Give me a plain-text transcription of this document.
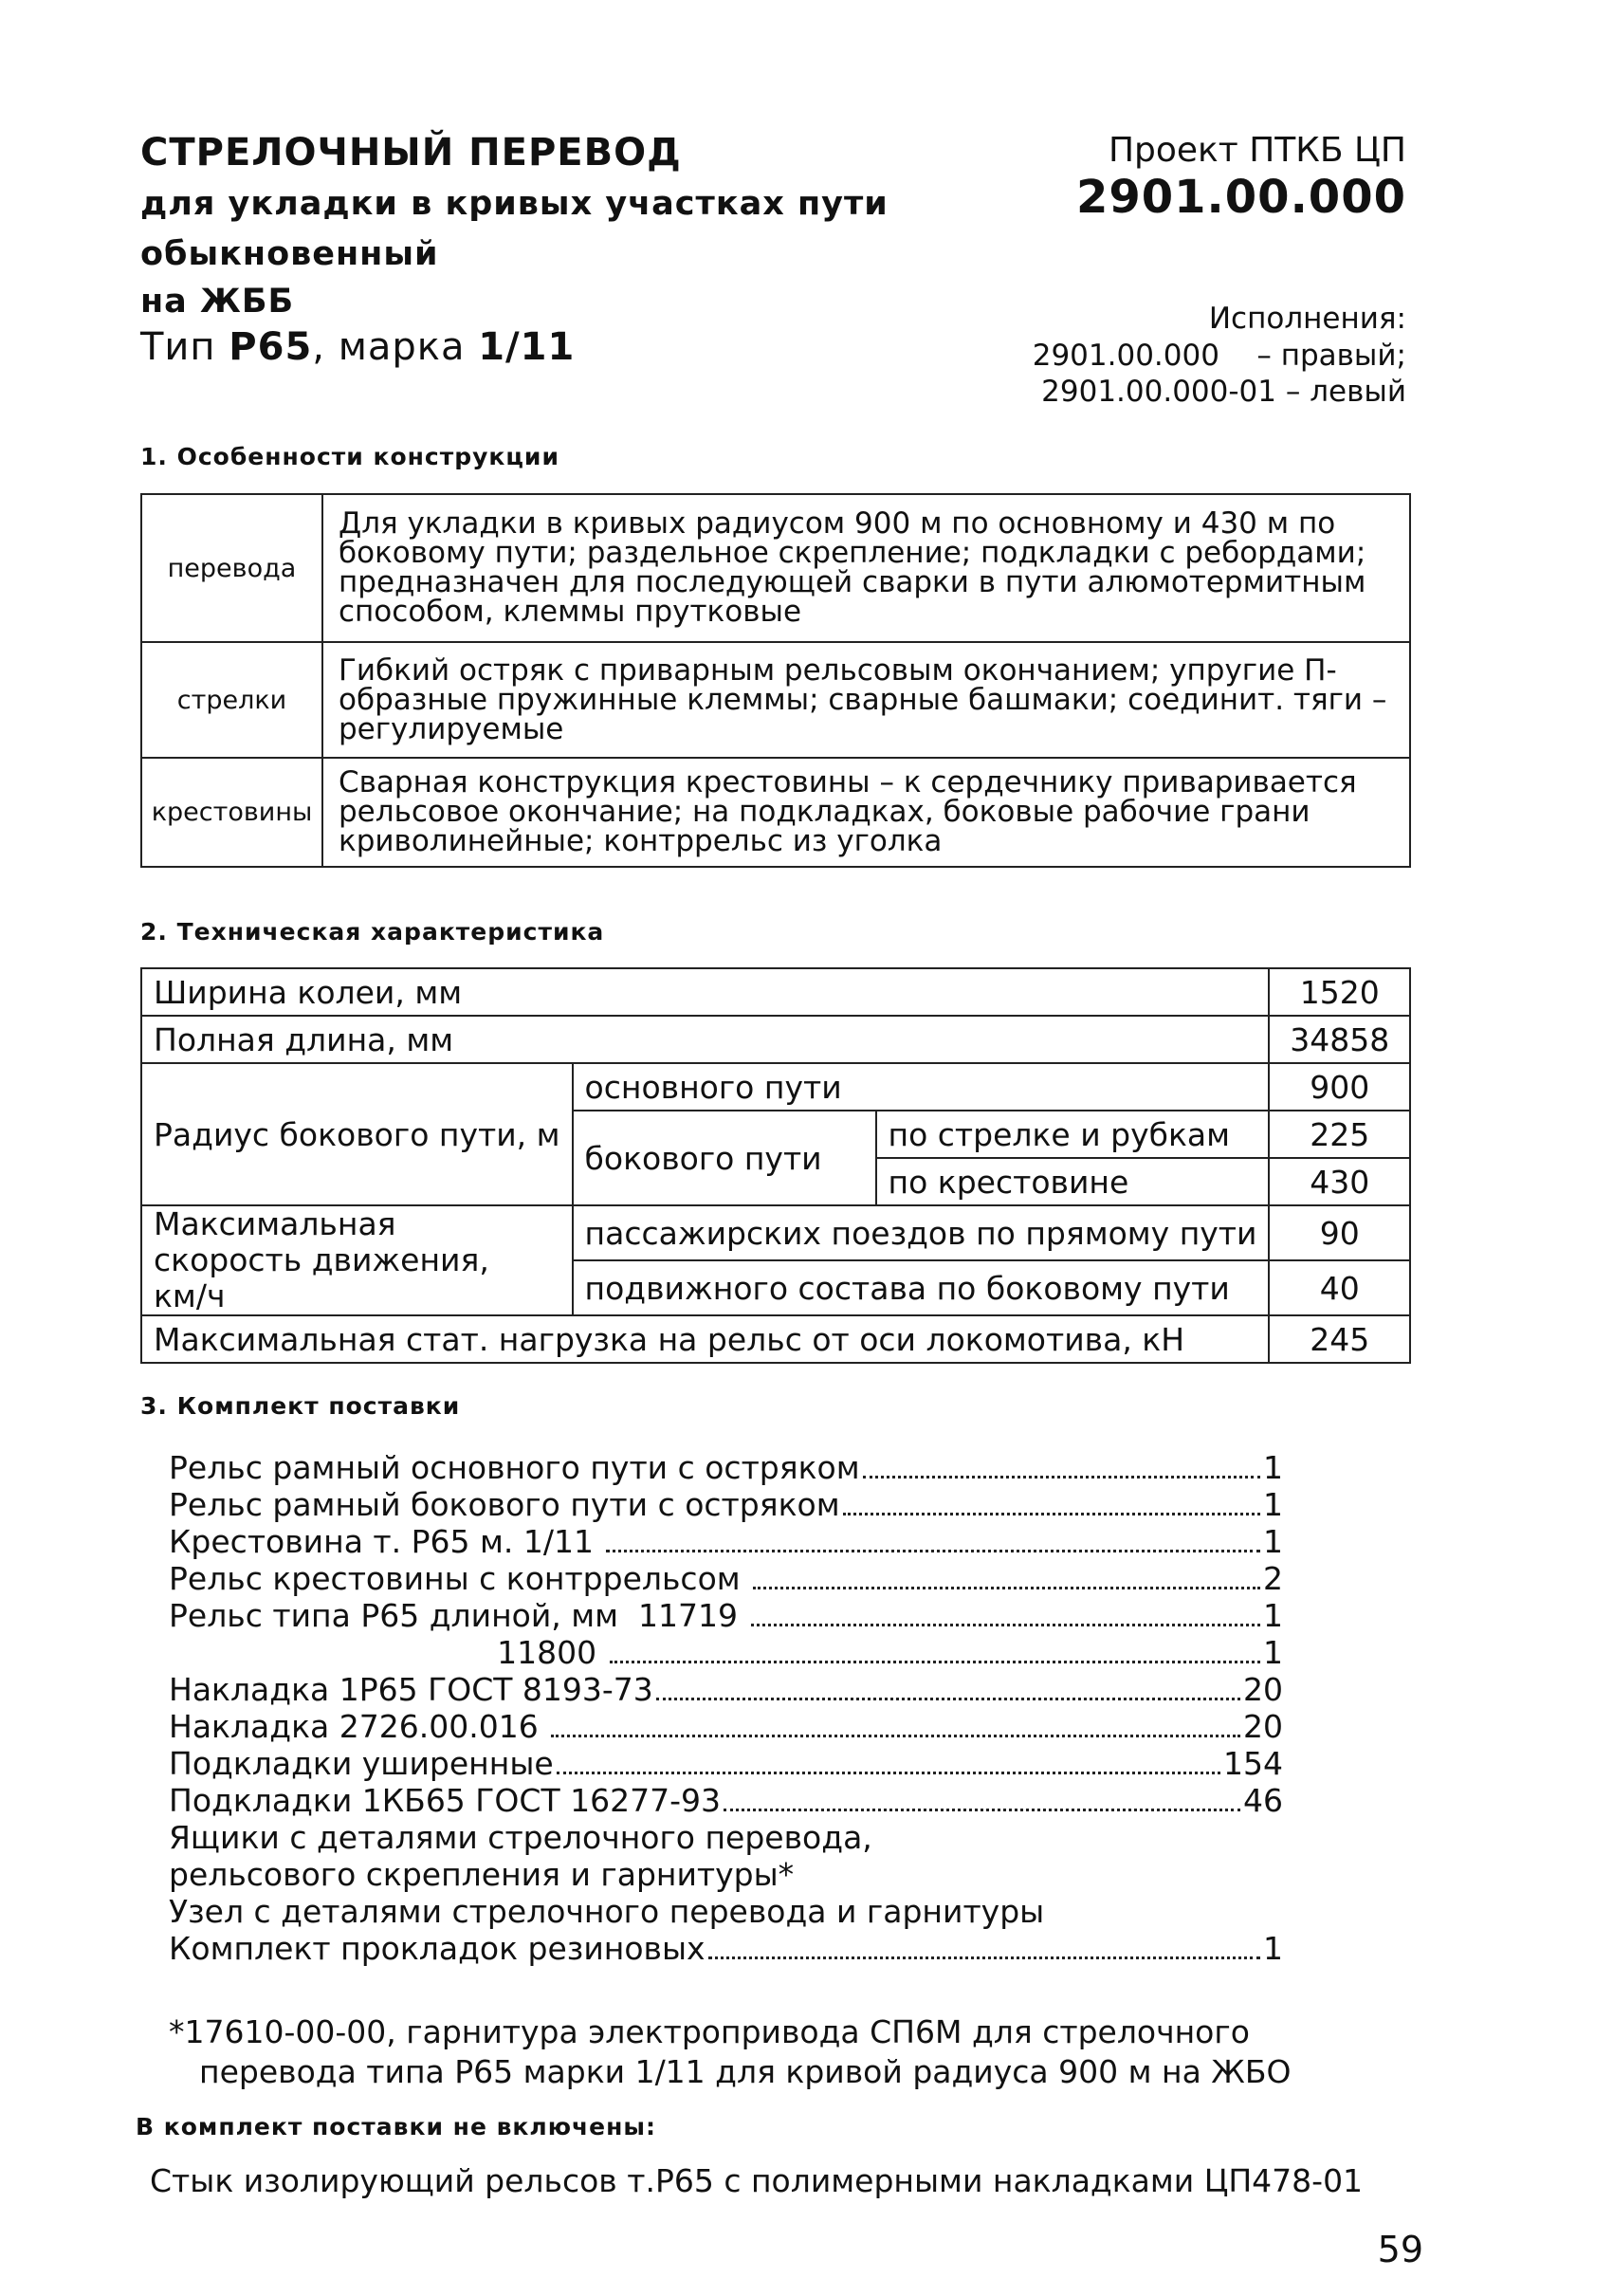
СТРЕЛОЧНЫЙ ПЕРЕВОД
для укладки в кривых участках пути
обыкновенный
на ЖББ
Тип Р65, марка 1/11
Проект ПТКБ ЦП
2901.00.000
Исполнения:
2901.00.000    – правый;
2901.00.000-01 – левый
1. Особенности конструкции
перевода	Для укладки в кривых радиусом 900 м по основному и 430 м по боковому пути; раздельное скрепление; подкладки с ребордами; предназначен для последующей сварки в пути алюмотермитным способом, клеммы прутковые
стрелки	Гибкий остряк с приварным рельсовым окончанием; упругие П-образные пружинные клеммы; сварные башмаки; соединит. тяги – регулируемые
крестовины	Сварная конструкция крестовины – к сердечнику приваривается рельсовое окончание; на подкладках, боковые рабочие грани криволинейные; контррельс из уголка
2. Техническая характеристика
Ширина колеи, мм			1520
Полная длина, мм			34858
Радиус бокового пути, м	основного пути		900
	бокового пути	по стрелке и рубкам	225
		по крестовине	430

Максимальная скорость движения, км/ч	пассажирских поездов по прямому пути		90
	подвижного состава по боковому пути		40
Максимальная стат. нагрузка на рельс от оси локомотива, кН			245
3. Комплект поставки
Рельс рамный основного пути с остряком	1
Рельс рамный бокового пути с остряком	1
Крестовина т. Р65 м. 1/11	1
Рельс крестовины с контррельсом	2
Рельс типа Р65 длиной, мм  11719	1
11800	1
Накладка 1Р65 ГОСТ 8193-73	20
Накладка 2726.00.016	20
Подкладки уширенные	154
Подкладки 1КБ65 ГОСТ 16277-93	46
Ящики с деталями стрелочного перевода,
рельсового скрепления и гарнитуры*
Узел с деталями стрелочного перевода и гарнитуры
Комплект прокладок резиновых	1
*17610-00-00, гарнитура электропривода СП6М для стрелочного
перевода типа Р65 марки 1/11 для кривой радиуса 900 м на ЖБО
В комплект поставки не включены:
Стык изолирующий рельсов т.Р65 с полимерными накладками ЦП478-01
59
